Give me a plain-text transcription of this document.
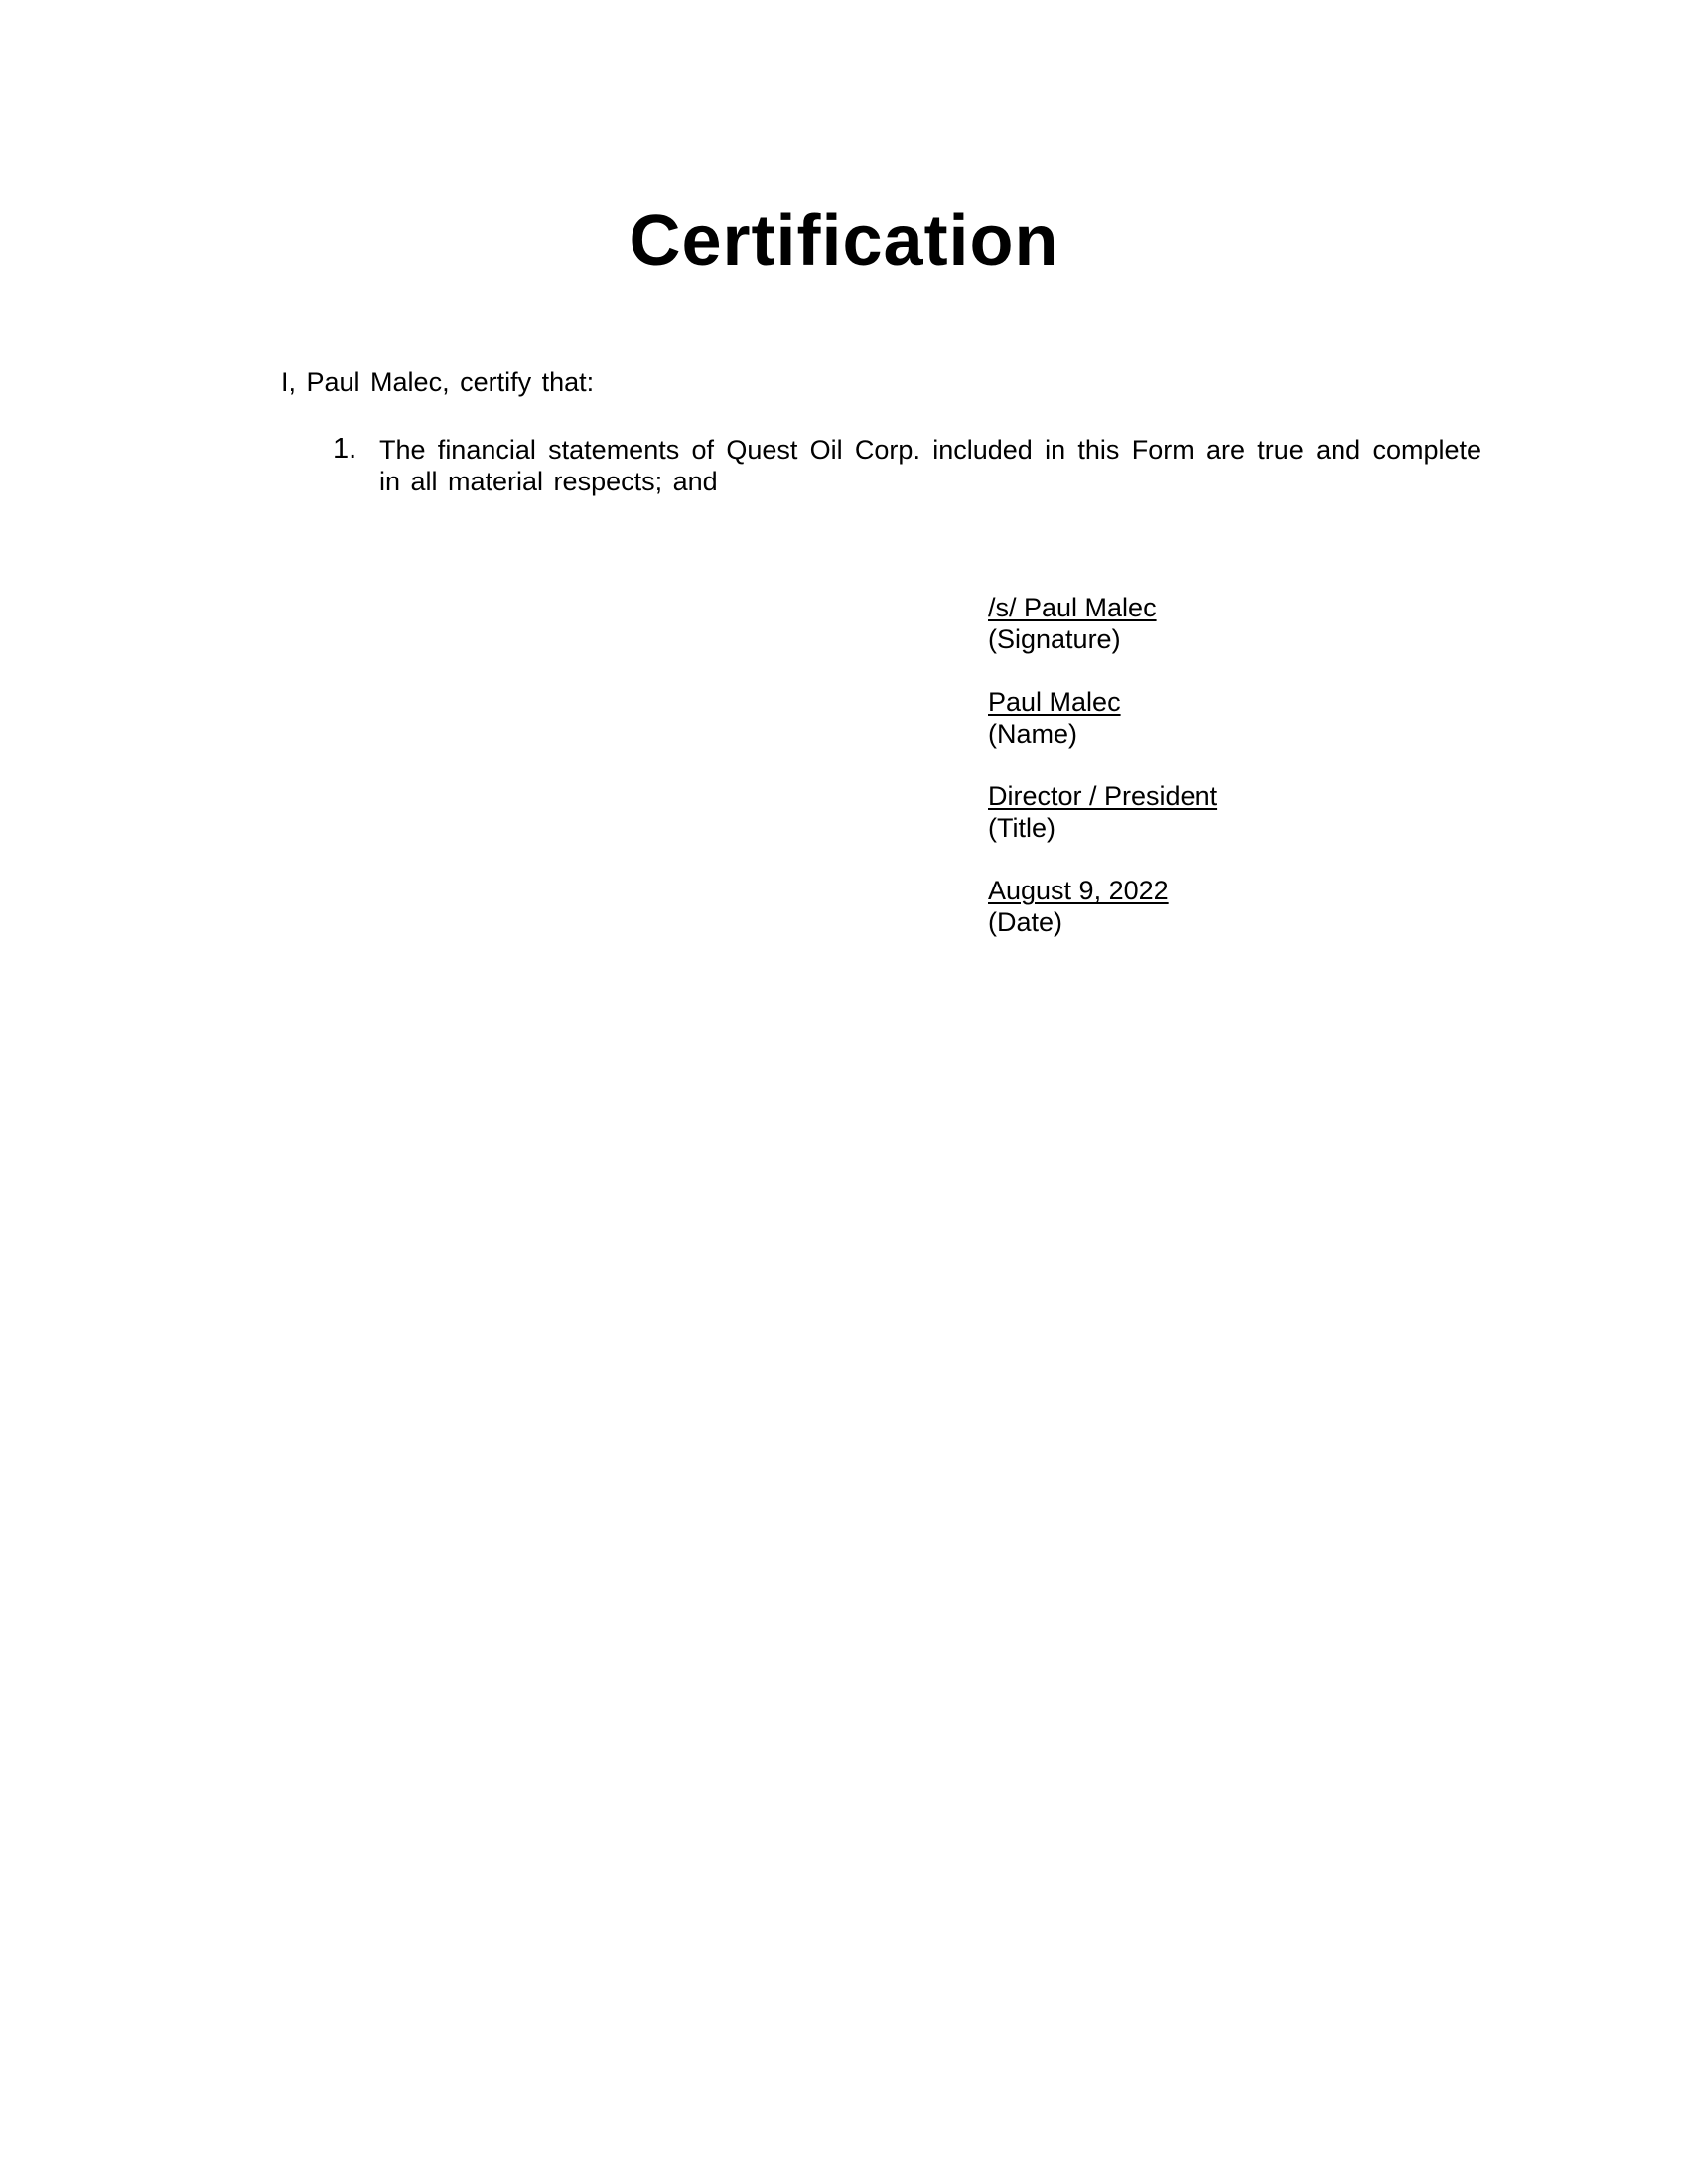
Certification
I, Paul Malec, certify that:
1. The financial statements of Quest Oil Corp. included in this Form are true and complete in all material respects; and
/s/ Paul Malec
(Signature)
Paul Malec
(Name)
Director / President
(Title)
August 9, 2022
(Date)
